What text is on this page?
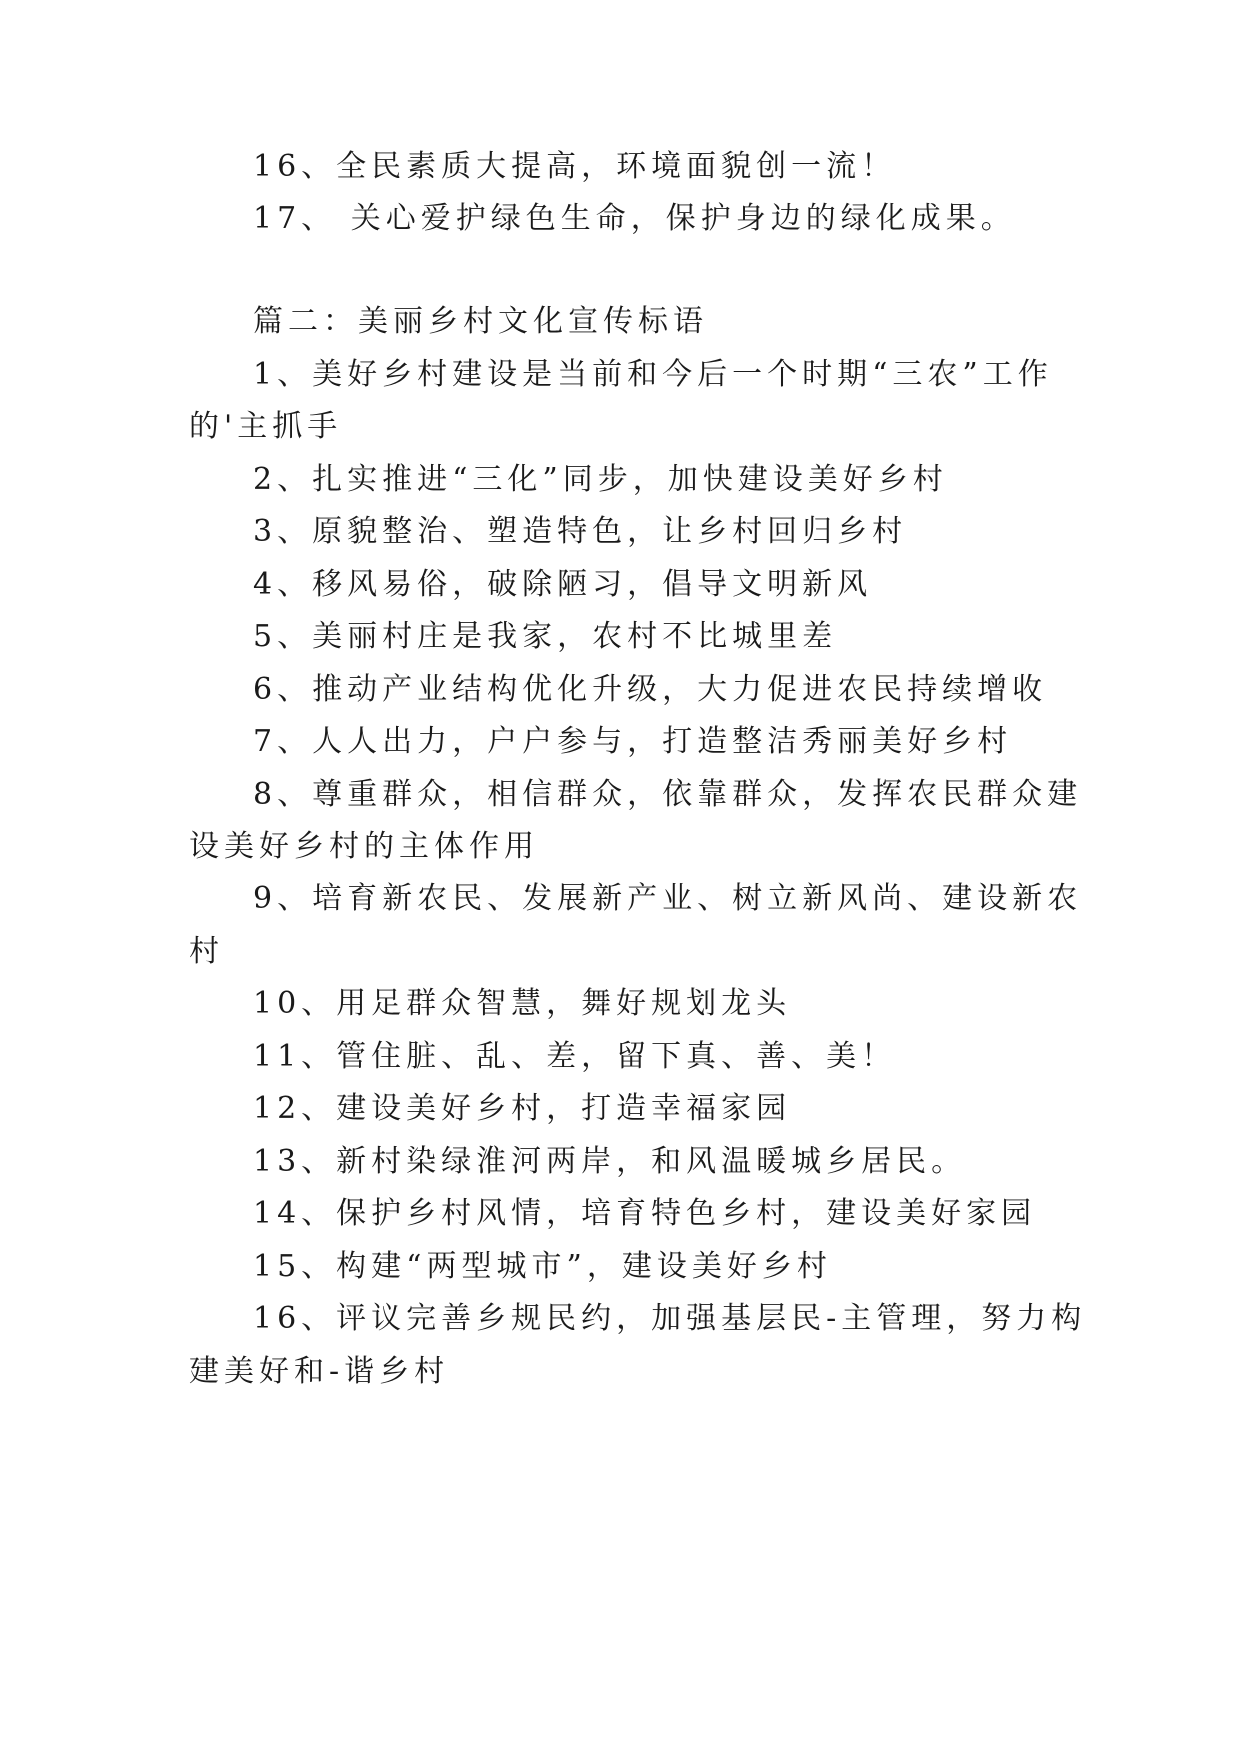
16、全民素质大提高，环境面貌创一流！
17、 关心爱护绿色生命，保护身边的绿化成果。
篇二：美丽乡村文化宣传标语
1、美好乡村建设是当前和今后一个时期“三农”工作
的'主抓手
2、扎实推进“三化”同步，加快建设美好乡村
3、原貌整治、塑造特色，让乡村回归乡村
4、移风易俗，破除陋习，倡导文明新风
5、美丽村庄是我家，农村不比城里差
6、推动产业结构优化升级，大力促进农民持续增收
7、人人出力，户户参与，打造整洁秀丽美好乡村
8、尊重群众，相信群众，依靠群众，发挥农民群众建
设美好乡村的主体作用
9、培育新农民、发展新产业、树立新风尚、建设新农
村
10、用足群众智慧，舞好规划龙头
11、管住脏、乱、差，留下真、善、美！
12、建设美好乡村，打造幸福家园
13、新村染绿淮河两岸，和风温暖城乡居民。
14、保护乡村风情，培育特色乡村，建设美好家园
15、构建“两型城市”，建设美好乡村
16、评议完善乡规民约，加强基层民-主管理，努力构
建美好和-谐乡村
